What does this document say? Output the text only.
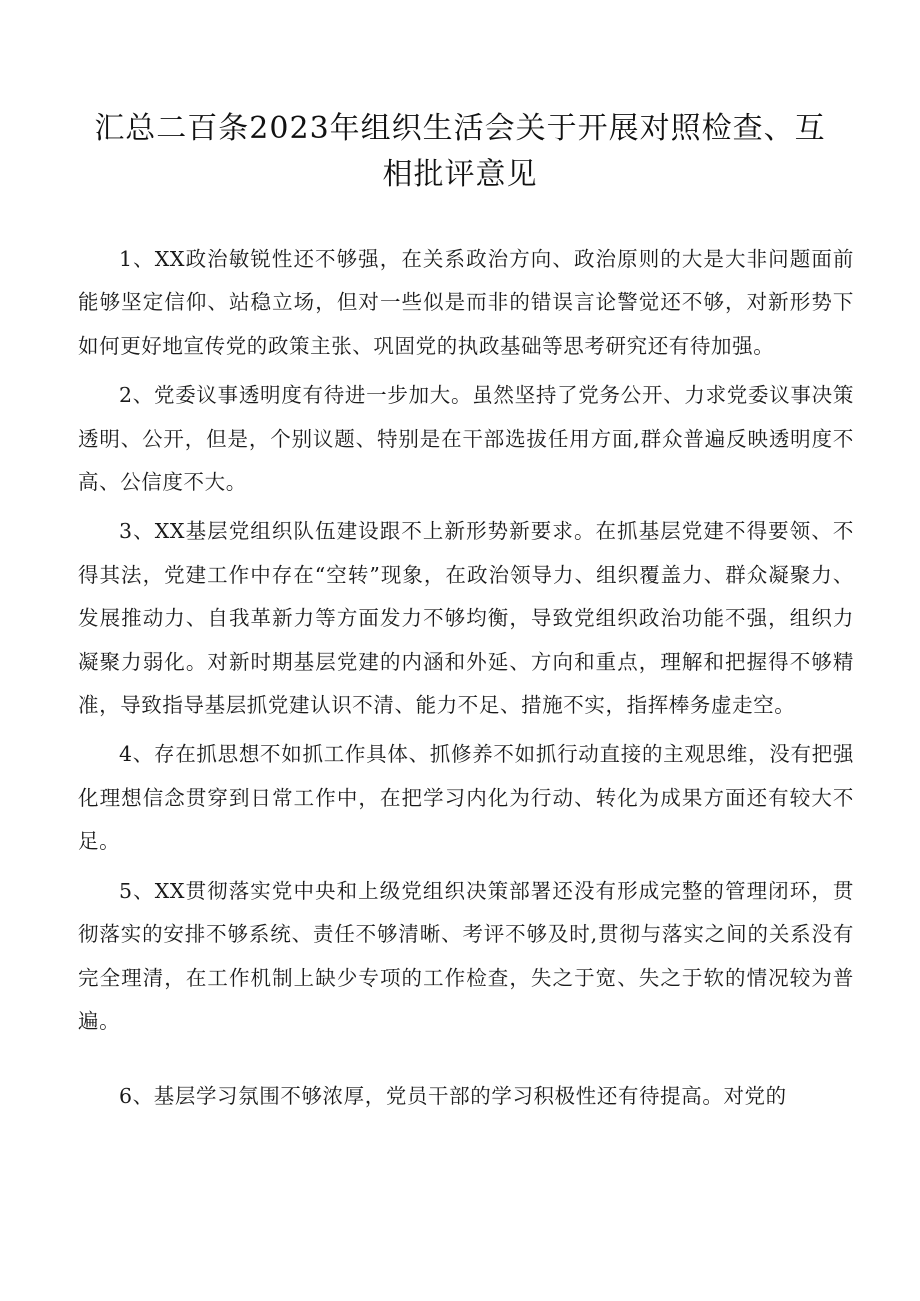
汇总二百条2023年组织生活会关于开展对照检查、互相批评意见

1、XX政治敏锐性还不够强，在关系政治方向、政治原则的大是大非问题面前能够坚定信仰、站稳立场，但对一些似是而非的错误言论警觉还不够，对新形势下如何更好地宣传党的政策主张、巩固党的执政基础等思考研究还有待加强。

2、党委议事透明度有待进一步加大。虽然坚持了党务公开、力求党委议事决策透明、公开，但是，个别议题、特别是在干部选拔任用方面,群众普遍反映透明度不高、公信度不大。

3、XX基层党组织队伍建设跟不上新形势新要求。在抓基层党建不得要领、不得其法，党建工作中存在“空转”现象，在政治领导力、组织覆盖力、群众凝聚力、发展推动力、自我革新力等方面发力不够均衡，导致党组织政治功能不强，组织力凝聚力弱化。对新时期基层党建的内涵和外延、方向和重点，理解和把握得不够精准，导致指导基层抓党建认识不清、能力不足、措施不实，指挥棒务虚走空。

4、存在抓思想不如抓工作具体、抓修养不如抓行动直接的主观思维，没有把强化理想信念贯穿到日常工作中，在把学习内化为行动、转化为成果方面还有较大不足。

5、XX贯彻落实党中央和上级党组织决策部署还没有形成完整的管理闭环，贯彻落实的安排不够系统、责任不够清晰、考评不够及时,贯彻与落实之间的关系没有完全理清，在工作机制上缺少专项的工作检查，失之于宽、失之于软的情况较为普遍。

6、基层学习氛围不够浓厚，党员干部的学习积极性还有待提高。对党的
